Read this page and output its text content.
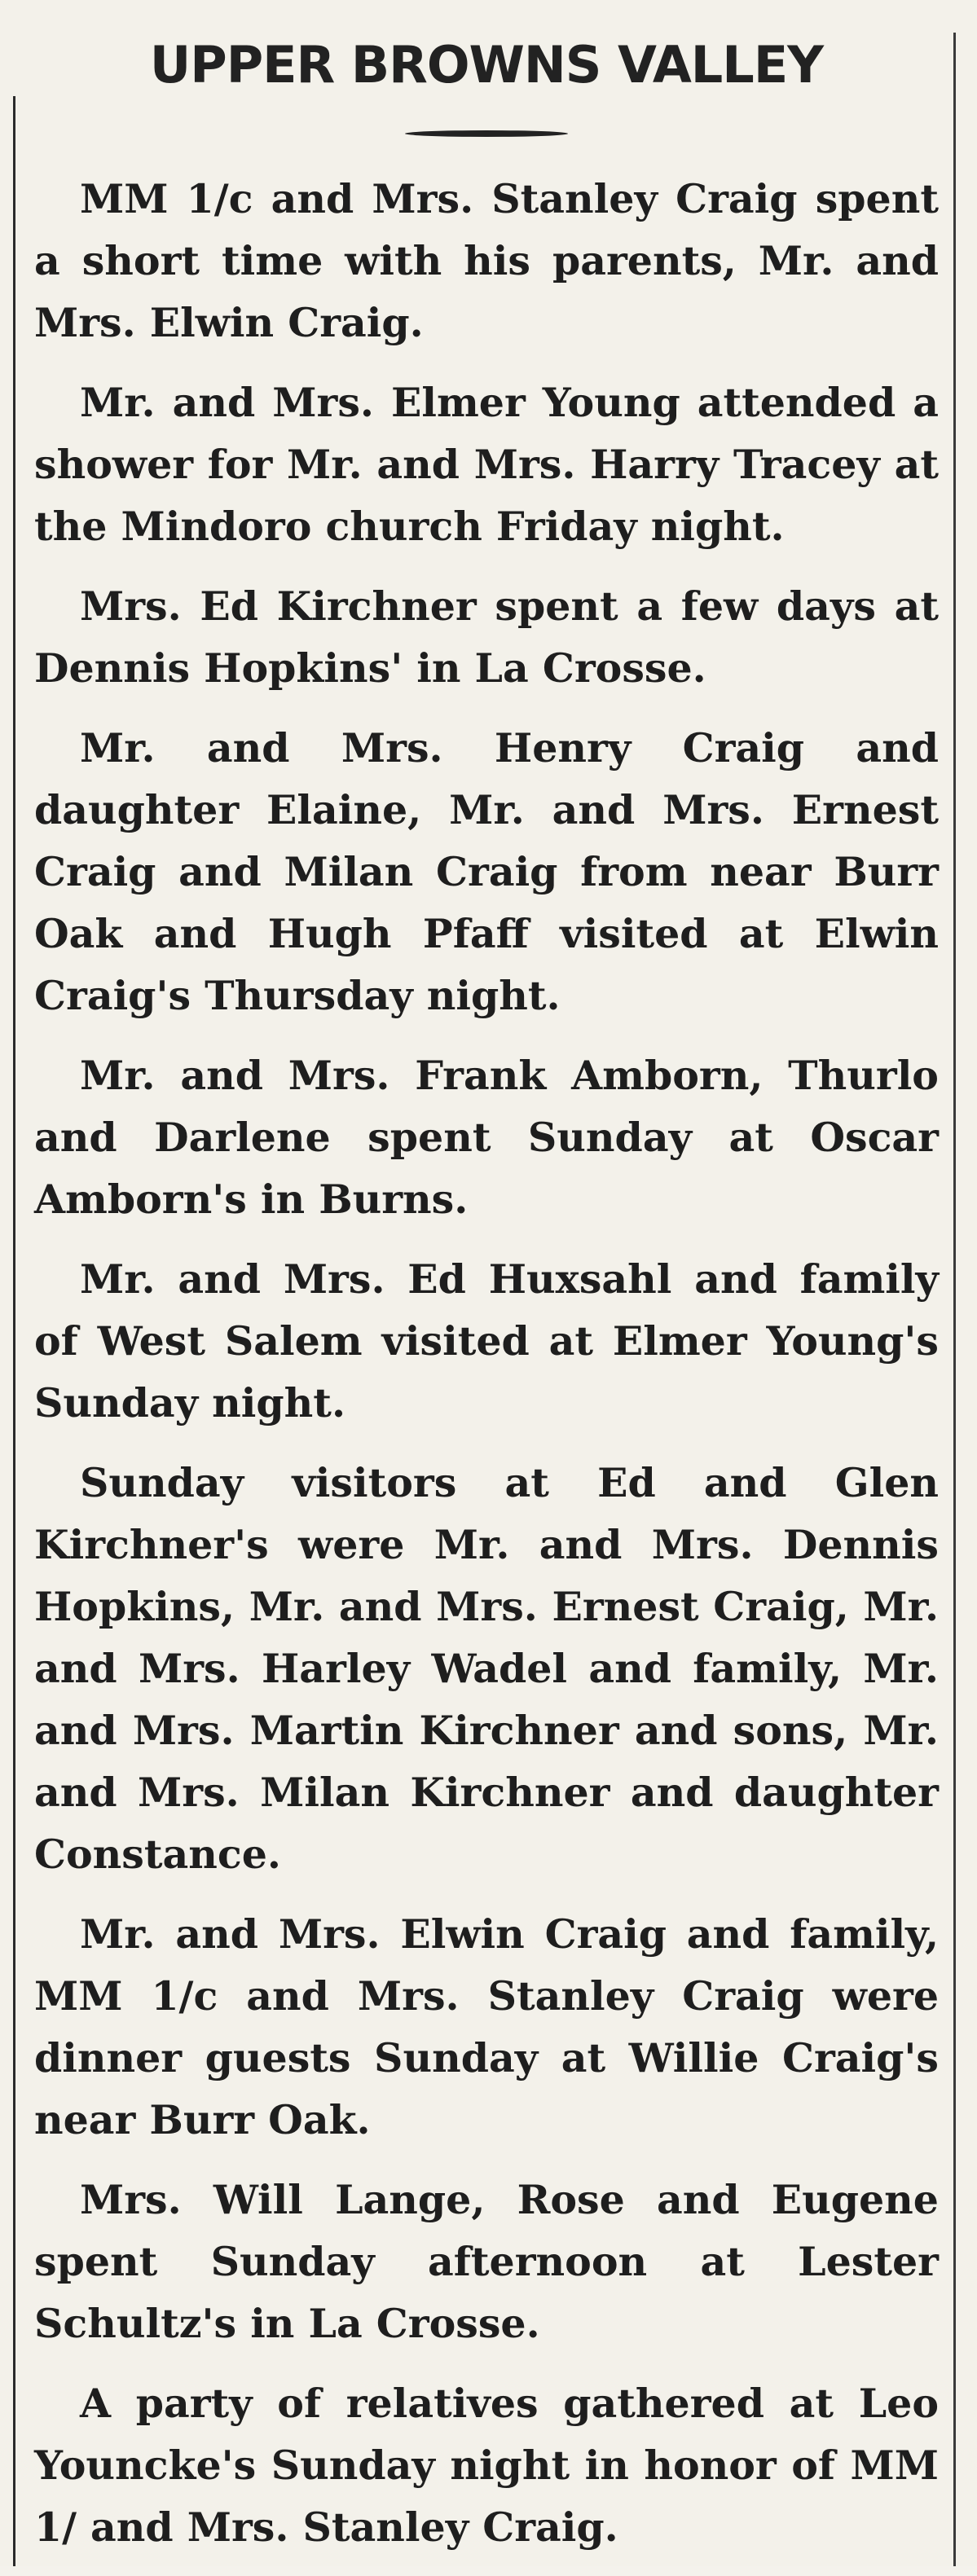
UPPER BROWNS VALLEY

MM 1/c and Mrs. Stanley Craig spent a short time with his parents, Mr. and Mrs. Elwin Craig.

Mr. and Mrs. Elmer Young attended a shower for Mr. and Mrs. Harry Tracey at the Mindoro church Friday night.

Mrs. Ed Kirchner spent a few days at Dennis Hopkins' in La Crosse.

Mr. and Mrs. Henry Craig and daughter Elaine, Mr. and Mrs. Ernest Craig and Milan Craig from near Burr Oak and Hugh Pfaff visited at Elwin Craig's Thursday night.

Mr. and Mrs. Frank Amborn, Thurlo and Darlene spent Sunday at Oscar Amborn's in Burns.

Mr. and Mrs. Ed Huxsahl and family of West Salem visited at Elmer Young's Sunday night.

Sunday visitors at Ed and Glen Kirchner's were Mr. and Mrs. Dennis Hopkins, Mr. and Mrs. Ernest Craig, Mr. and Mrs. Harley Wadel and family, Mr. and Mrs. Martin Kirchner and sons, Mr. and Mrs. Milan Kirchner and daughter Constance.

Mr. and Mrs. Elwin Craig and family, MM 1/c and Mrs. Stanley Craig were dinner guests Sunday at Willie Craig's near Burr Oak.

Mrs. Will Lange, Rose and Eugene spent Sunday afternoon at Lester Schultz's in La Crosse.

A party of relatives gathered at Leo Youncke's Sunday night in honor of MM 1/ and Mrs. Stanley Craig.
